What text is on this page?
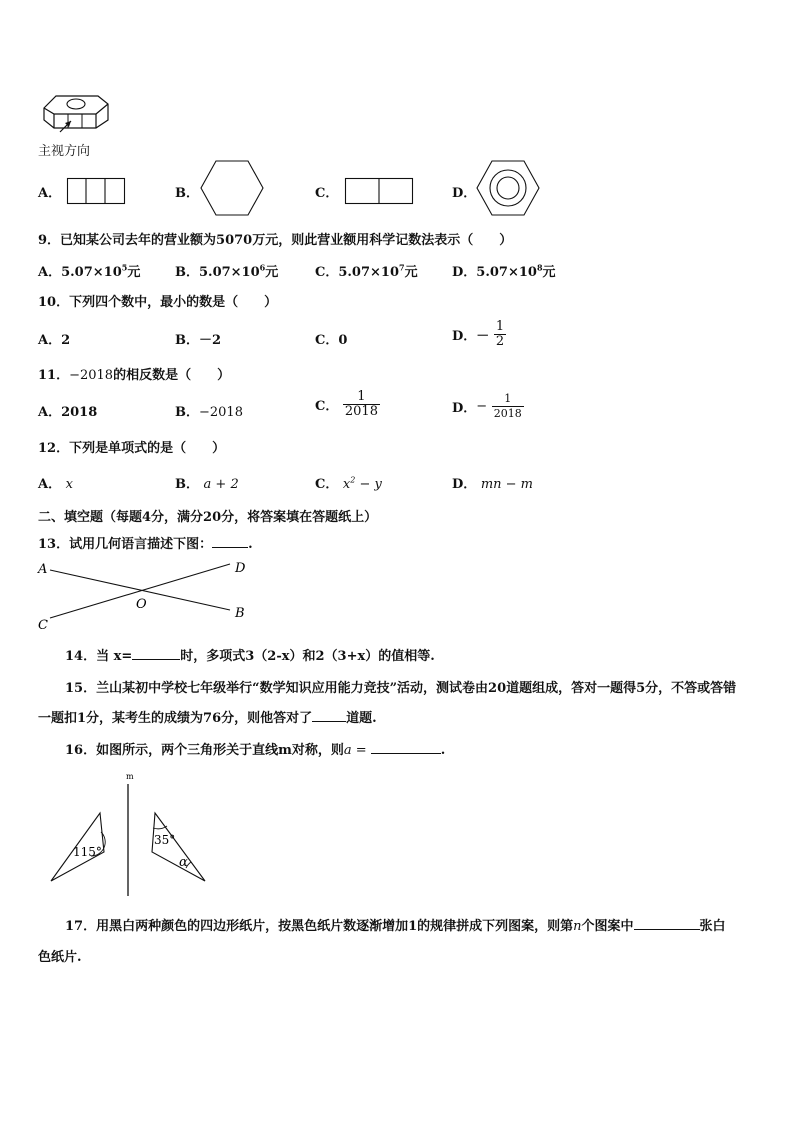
主视方向
A．	B．	C．	D．
9．已知某公司去年的营业额为5070万元，则此营业额用科学记数法表示（　　）
A．$5.07\times 10^5$元	B．$5.07\times 10^6$元	C．$5.07\times 10^7$元	D．$5.07\times 10^8$元
10．下列四个数中，最小的数是（　　）
A．2	B．－2	C．0	D．－ $\frac{1}{2}$
11．−2018的相反数是（　　）
A．2018	B．−2018	C． $\frac{1}{2018}$	D．− $\frac{1}{2018}$
12．下列是单项式的是（　　）
A． x	B． a + 2	C． $x^2 - y$	D． mn − m
二、填空题（每题4分，满分20分，将答案填在答题纸上）
13．试用几何语言描述下图：	.
A	D
O
B
C
14．当 x=	时，多项式3（2-x）和2（3+x）的值相等.
15．兰山某初中学校七年级举行“数学知识应用能力竞技”活动，测试卷由20道题组成，答对一题得5分，不答或答错
一题扣1分，某考生的成绩为76分，则他答对了	道题.
16．如图所示，两个三角形关于直线m对称，则a =	.
m
115°
35°
α
17．用黑白两种颜色的四边形纸片，按黑色纸片数逐渐增加1的规律拼成下列图案，则第n个图案中	张白
色纸片.
